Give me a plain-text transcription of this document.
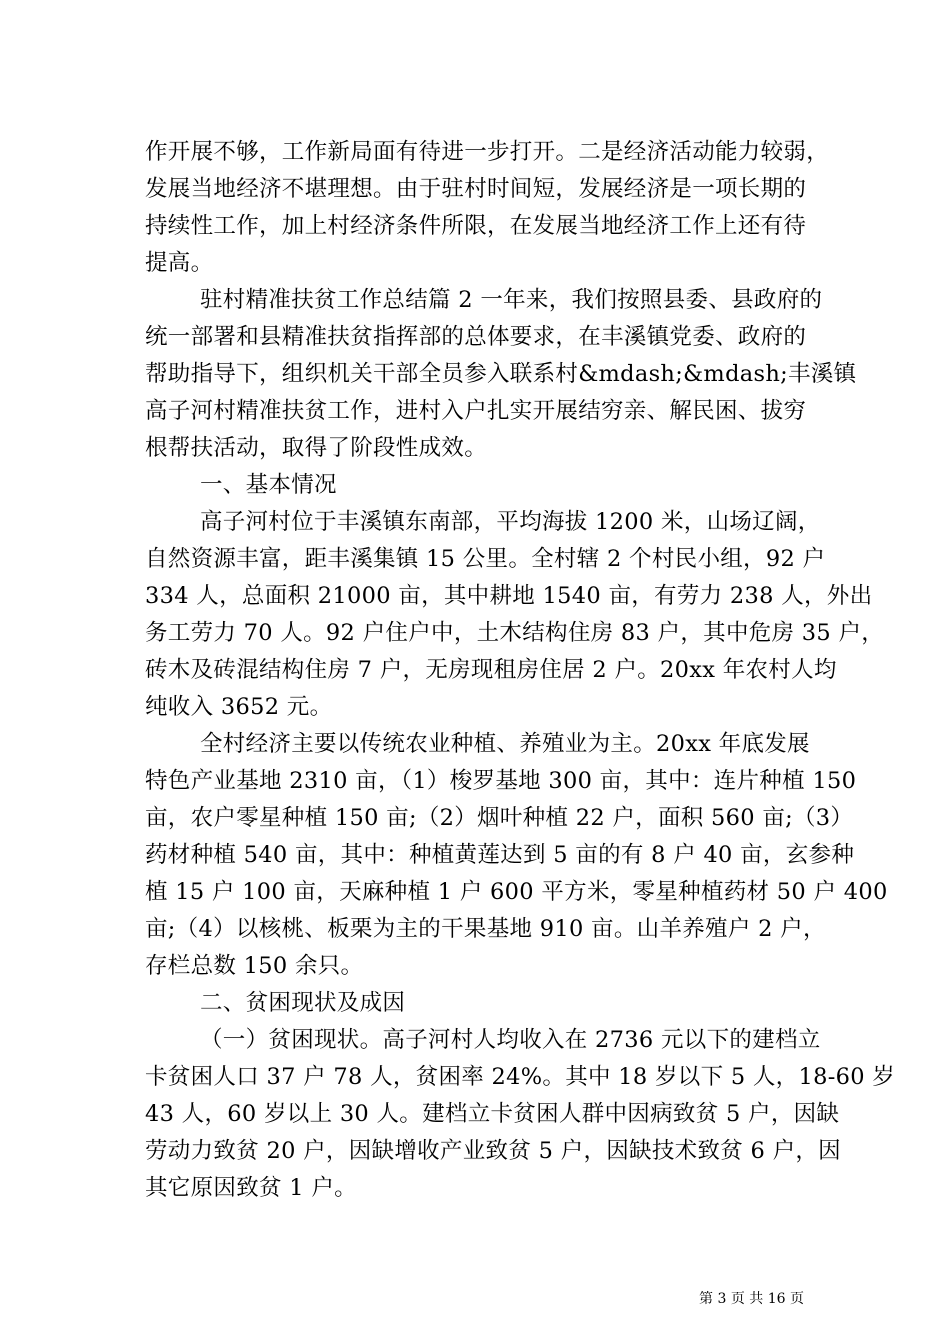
作开展不够，工作新局面有待进一步打开。二是经济活动能力较弱，
发展当地经济不堪理想。由于驻村时间短，发展经济是一项长期的
持续性工作，加上村经济条件所限，在发展当地经济工作上还有待
提高。
驻村精准扶贫工作总结篇 2 一年来，我们按照县委、县政府的
统一部署和县精准扶贫指挥部的总体要求，在丰溪镇党委、政府的
帮助指导下，组织机关干部全员参入联系村&mdash;&mdash;丰溪镇
高子河村精准扶贫工作，进村入户扎实开展结穷亲、解民困、拔穷
根帮扶活动，取得了阶段性成效。
一、基本情况
高子河村位于丰溪镇东南部，平均海拔 1200 米，山场辽阔，
自然资源丰富，距丰溪集镇 15 公里。全村辖 2 个村民小组，92 户
334 人，总面积 21000 亩，其中耕地 1540 亩，有劳力 238 人，外出
务工劳力 70 人。92 户住户中，土木结构住房 83 户，其中危房 35 户，
砖木及砖混结构住房 7 户，无房现租房住居 2 户。20xx 年农村人均
纯收入 3652 元。
全村经济主要以传统农业种植、养殖业为主。20xx 年底发展
特色产业基地 2310 亩，（1）梭罗基地 300 亩，其中：连片种植 150
亩，农户零星种植 150 亩;（2）烟叶种植 22 户，面积 560 亩;（3）
药材种植 540 亩，其中：种植黄莲达到 5 亩的有 8 户 40 亩，玄参种
植 15 户 100 亩，天麻种植 1 户 600 平方米，零星种植药材 50 户 400
亩;（4）以核桃、板栗为主的干果基地 910 亩。山羊养殖户 2 户，
存栏总数 150 余只。
二、贫困现状及成因
（一）贫困现状。高子河村人均收入在 2736 元以下的建档立
卡贫困人口 37 户 78 人，贫困率 24%。其中 18 岁以下 5 人，18-60 岁
43 人，60 岁以上 30 人。建档立卡贫困人群中因病致贫 5 户，因缺
劳动力致贫 20 户，因缺增收产业致贫 5 户，因缺技术致贫 6 户，因
其它原因致贫 1 户。
第 3 页 共 16 页
